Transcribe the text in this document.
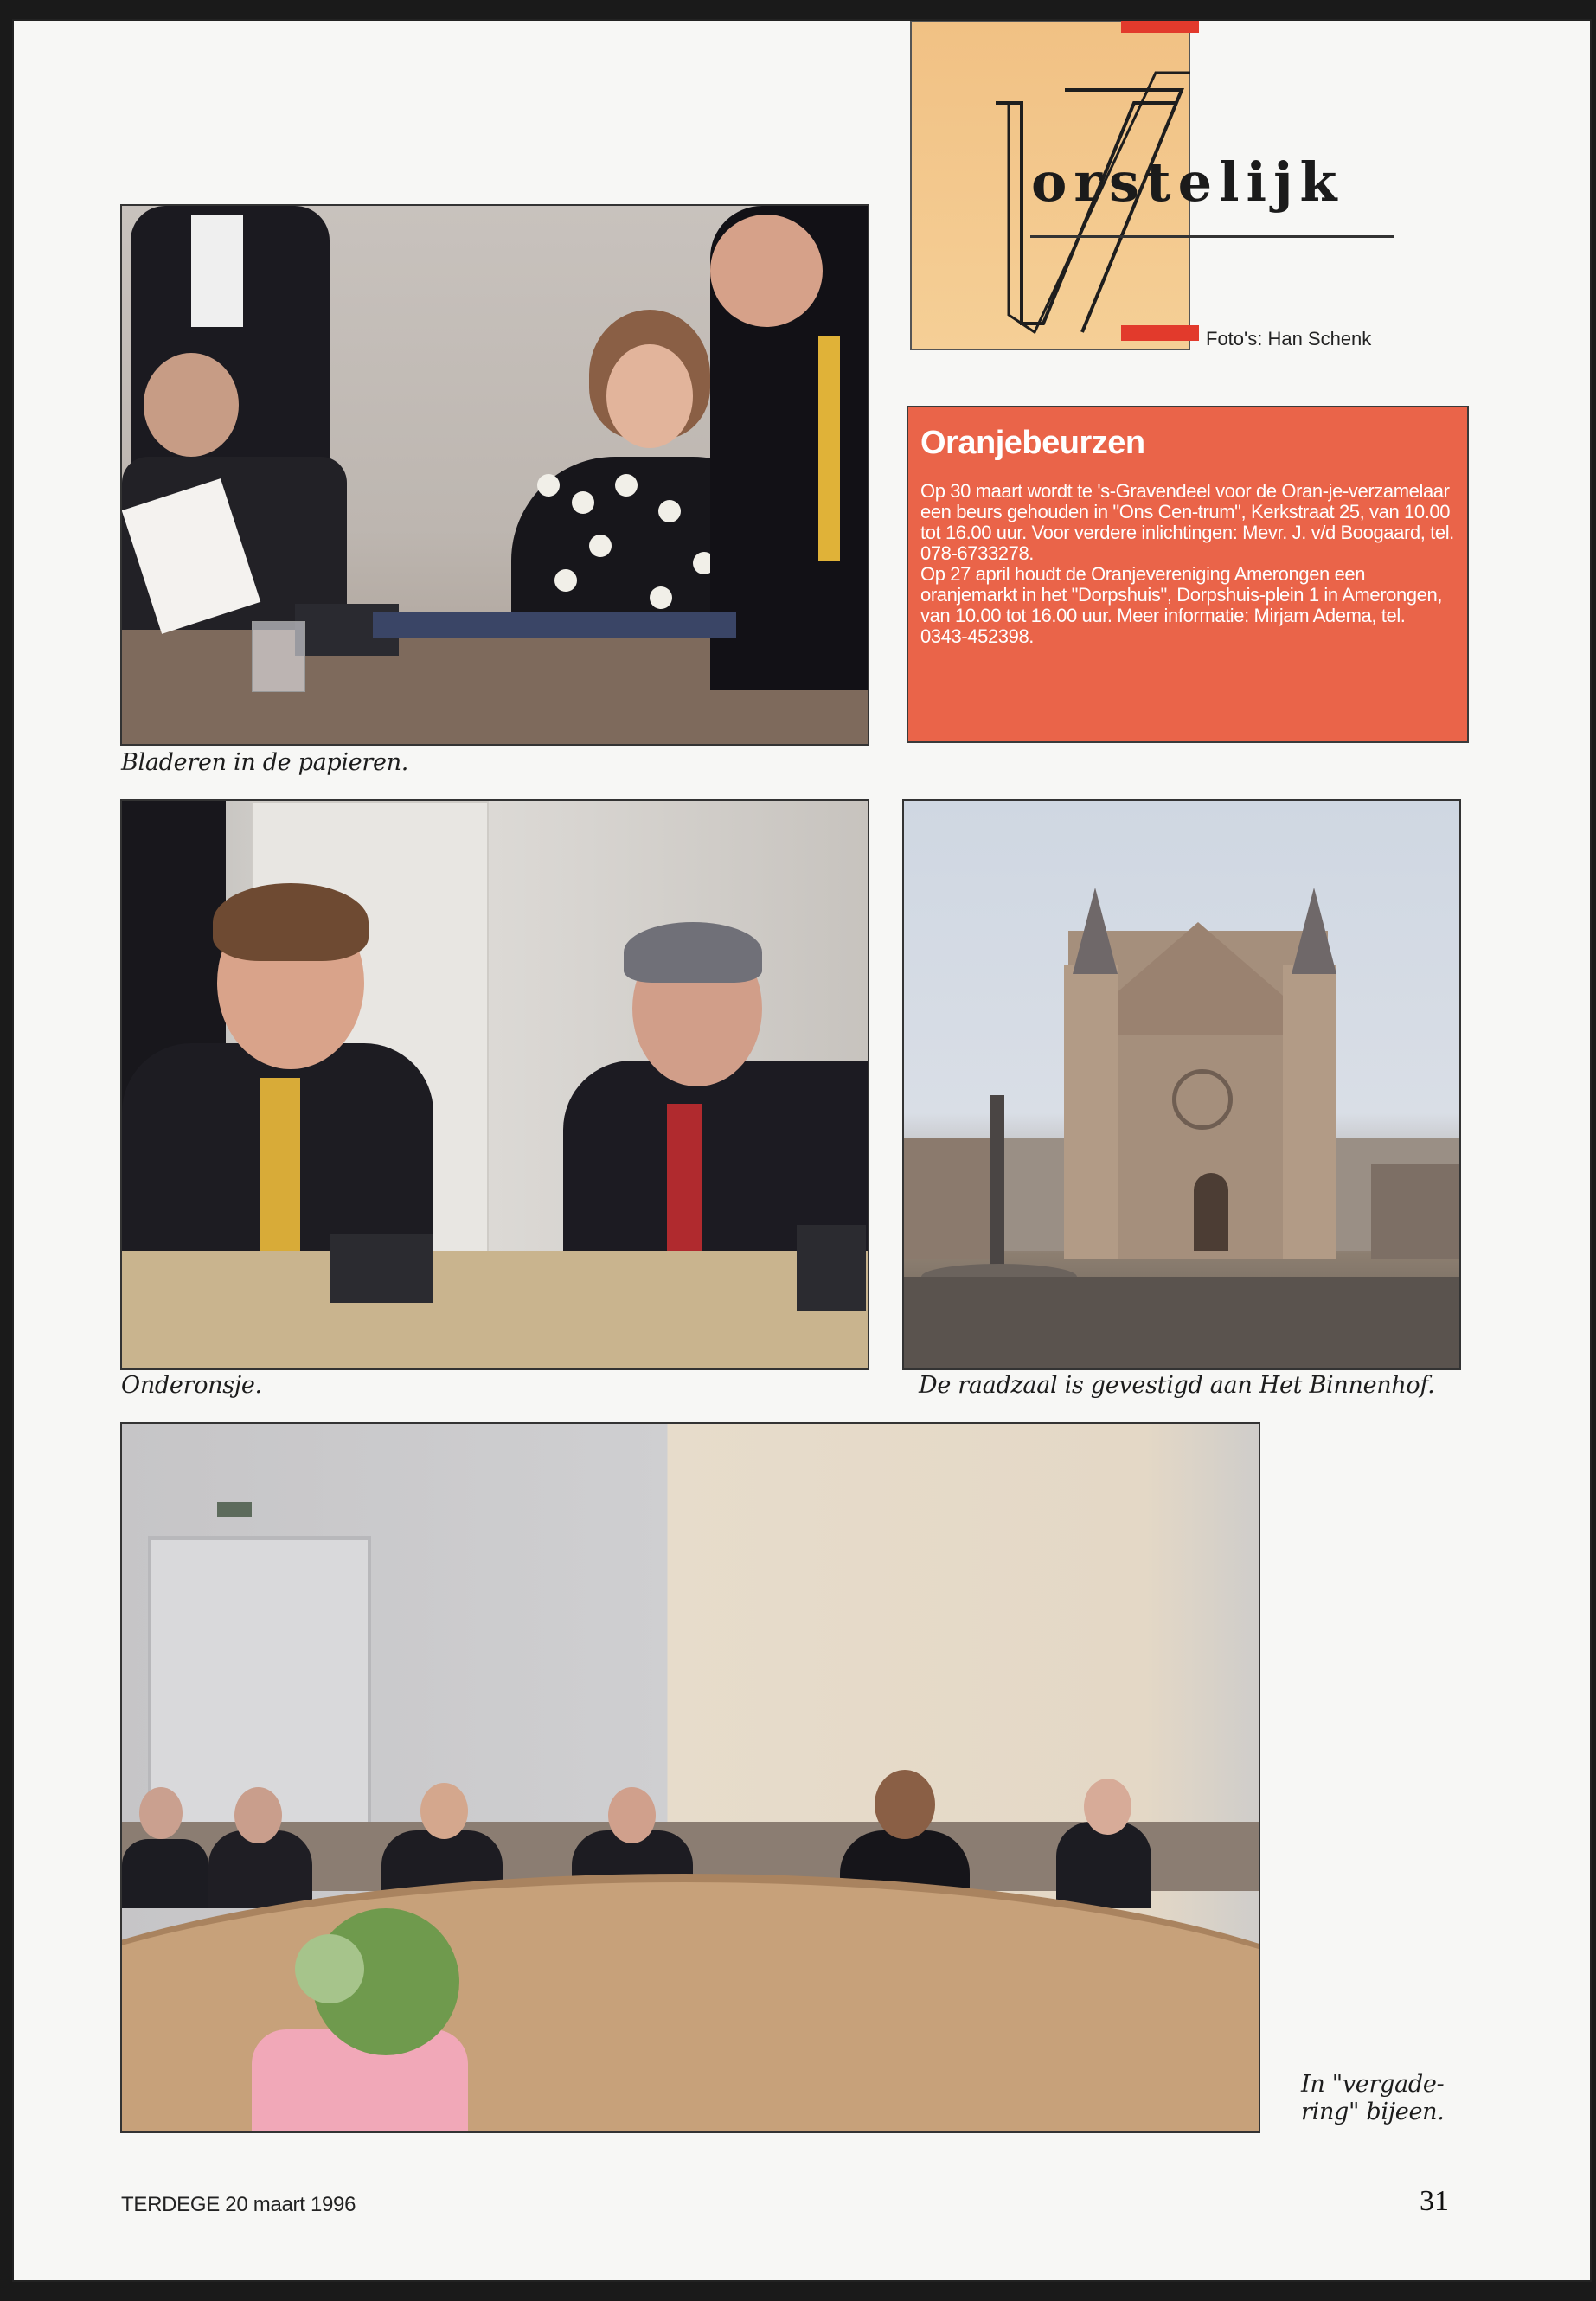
orstelijk
Foto's: Han Schenk
Bladeren in de papieren.
Oranjebeurzen

Op 30 maart wordt te 's-Gravendeel voor de Oran-je-verzamelaar een beurs gehouden in "Ons Cen-trum", Kerkstraat 25, van 10.00 tot 16.00 uur. Voor verdere inlichtingen: Mevr. J. v/d Boogaard, tel. 078-6733278.

Op 27 april houdt de Oranjevereniging Amerongen een oranjemarkt in het "Dorpshuis", Dorpshuis-plein 1 in Amerongen, van 10.00 tot 16.00 uur. Meer informatie: Mirjam Adema, tel. 0343-452398.

Onderonsje.	De raadzaal is gevestigd aan Het Binnenhof.
In "vergade-
ring" bijeen.
TERDEGE 20 maart 1996	31
